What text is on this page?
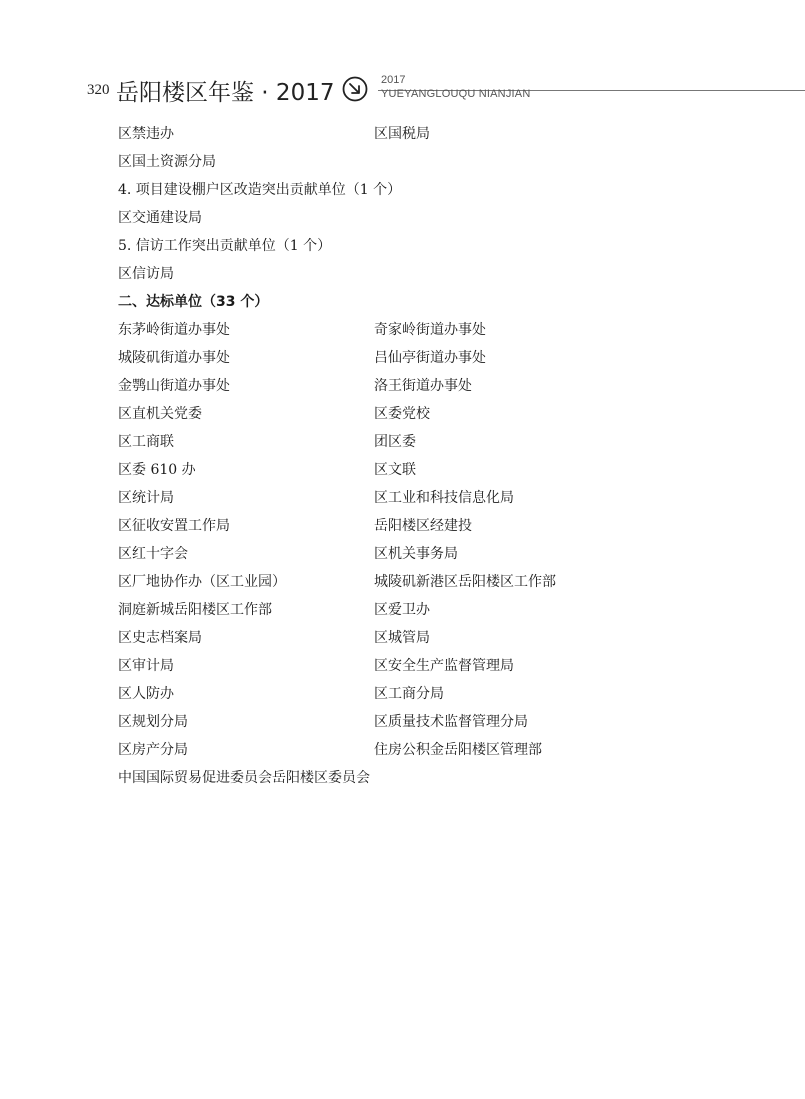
320 岳阳楼区年鉴 · 2017	2017
YUEYANGLOUQU NIANJIAN
区禁违办	区国税局
区国土资源分局
4. 项目建设棚户区改造突出贡献单位（1 个）
区交通建设局
5. 信访工作突出贡献单位（1 个）
区信访局
二、达标单位（33 个）
东茅岭街道办事处	奇家岭街道办事处
城陵矶街道办事处	吕仙亭街道办事处
金鹗山街道办事处	洛王街道办事处
区直机关党委	区委党校
区工商联	团区委
区委 610 办	区文联
区统计局	区工业和科技信息化局
区征收安置工作局	岳阳楼区经建投
区红十字会	区机关事务局
区厂地协作办（区工业园）	城陵矶新港区岳阳楼区工作部
洞庭新城岳阳楼区工作部	区爱卫办
区史志档案局	区城管局
区审计局	区安全生产监督管理局
区人防办	区工商分局
区规划分局	区质量技术监督管理分局
区房产分局	住房公积金岳阳楼区管理部
中国国际贸易促进委员会岳阳楼区委员会
